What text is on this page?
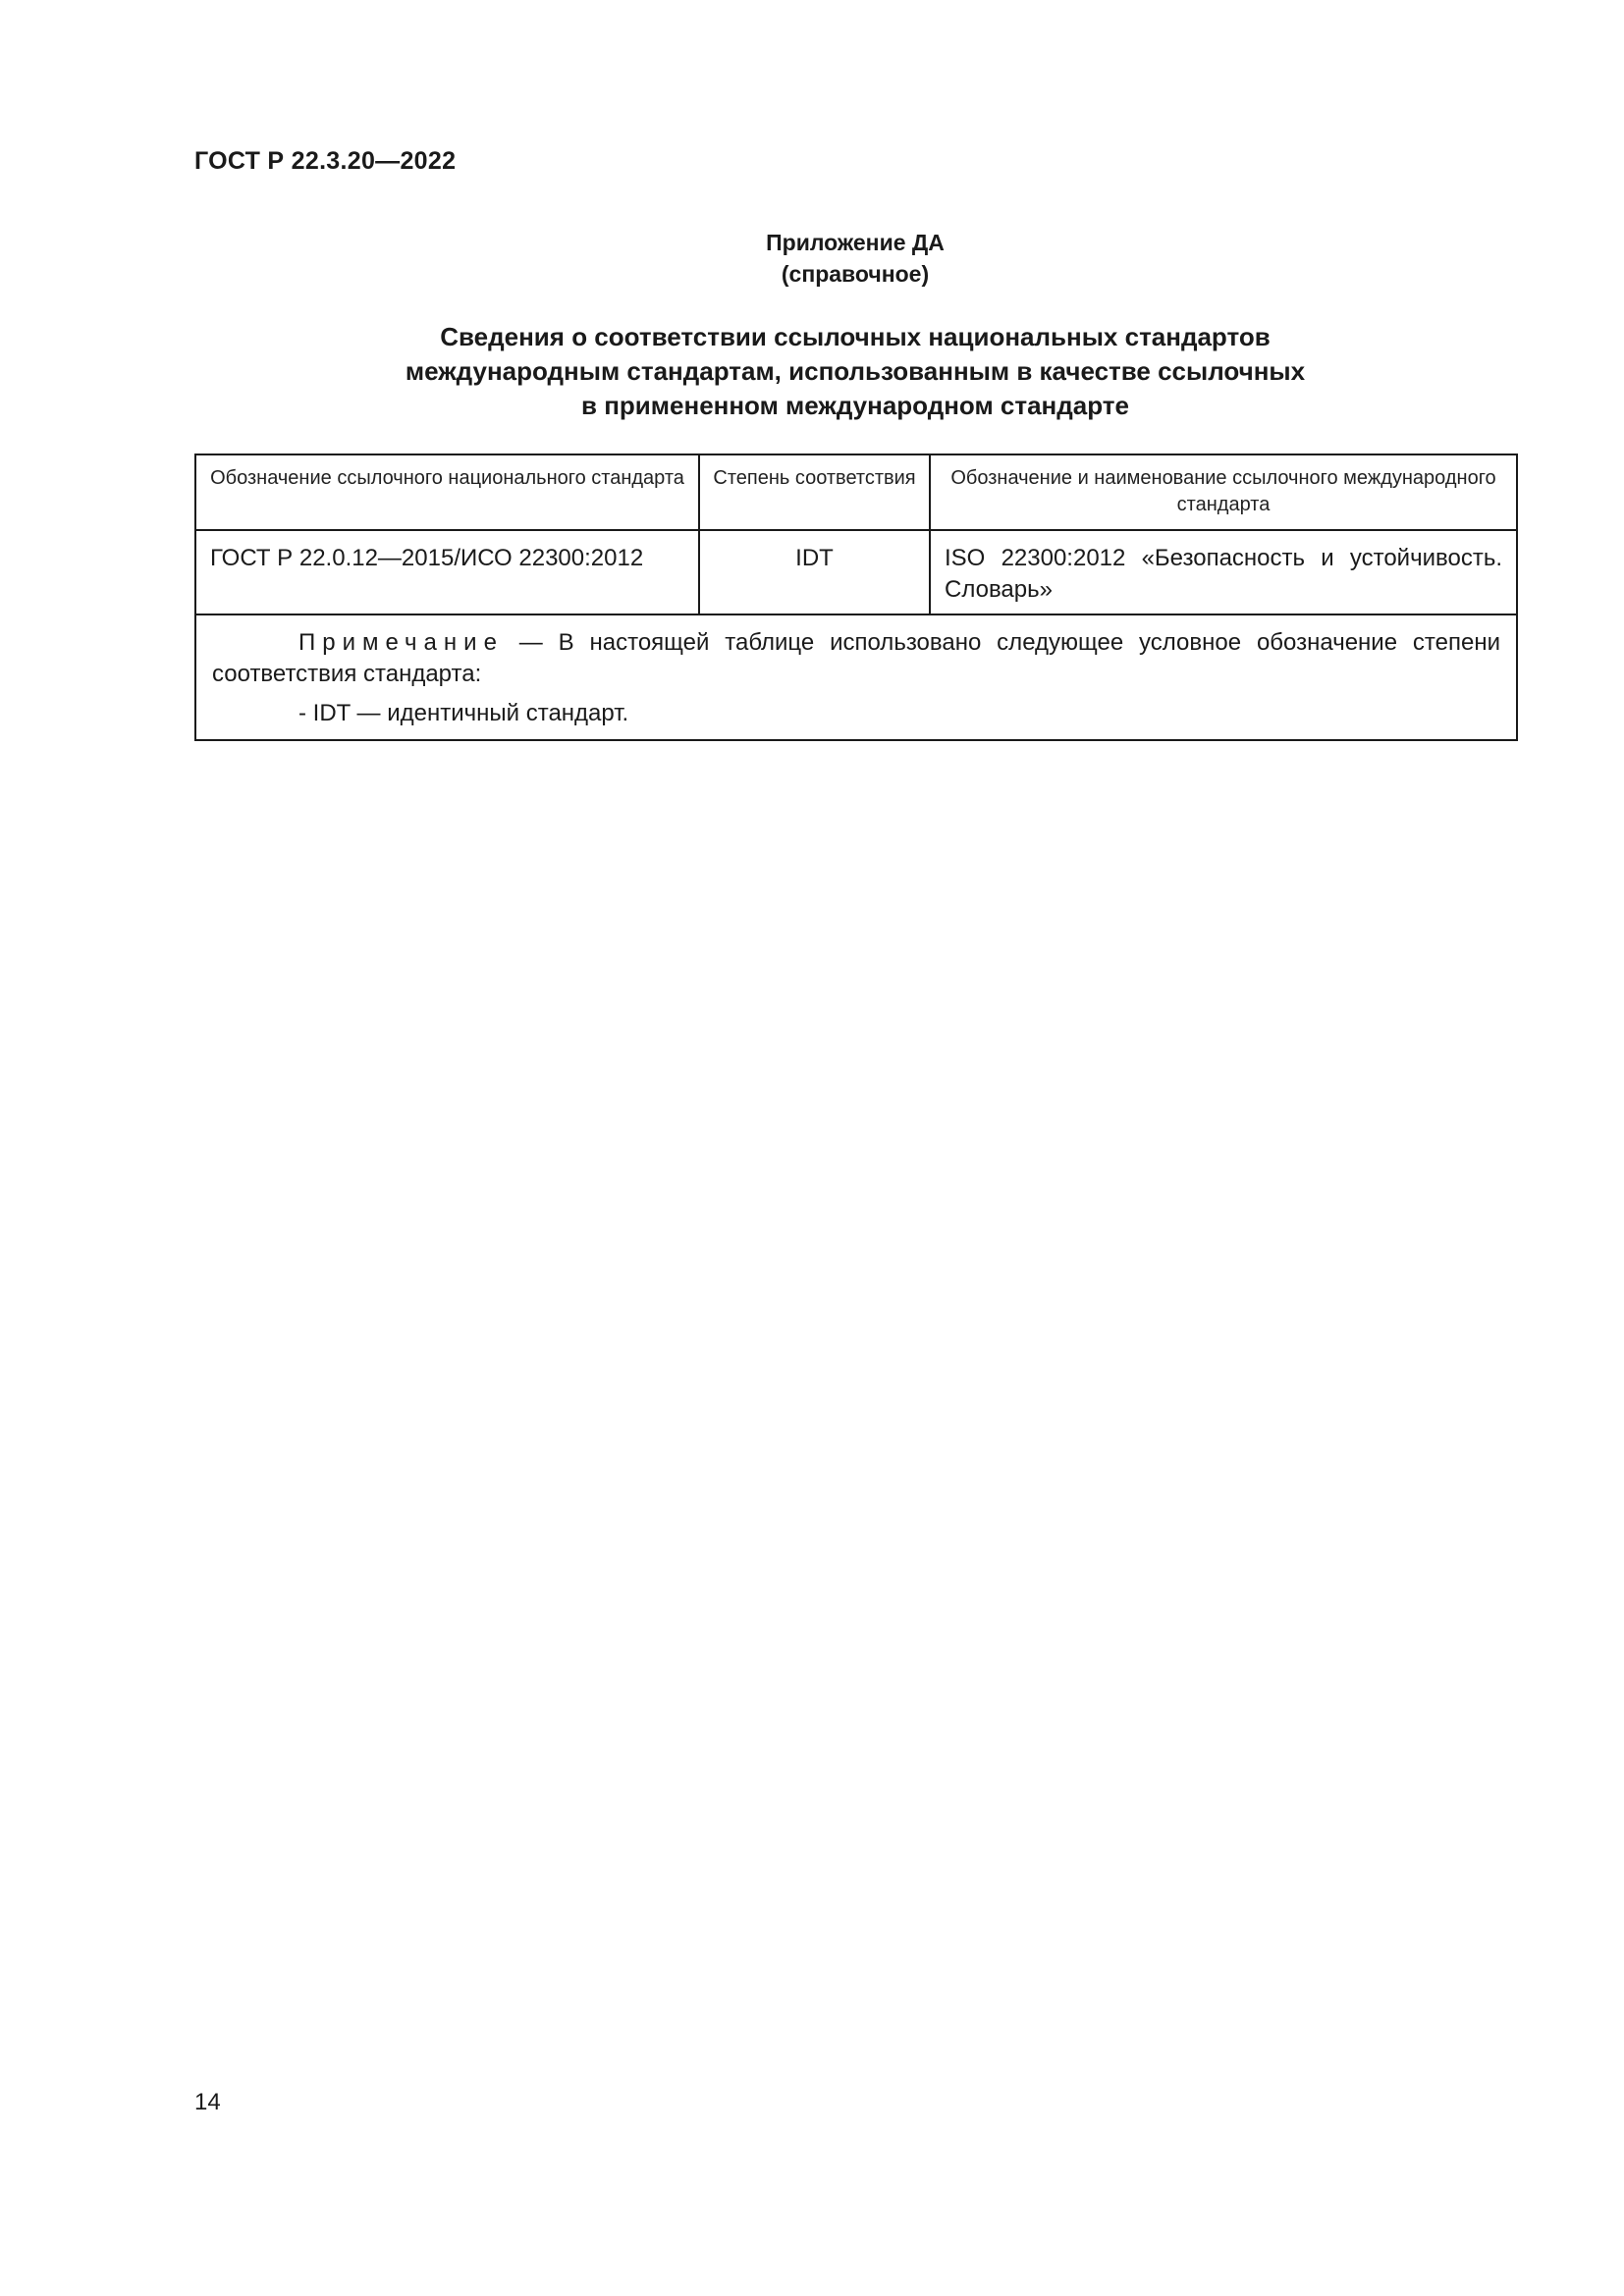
ГОСТ Р 22.3.20—2022
Приложение ДА
(справочное)
Сведения о соответствии ссылочных национальных стандартов
международным стандартам, использованным в качестве ссылочных
в примененном международном стандарте
Обозначение ссылочного национального стандарта	Степень соответствия	Обозначение и наименование ссылочного международного стандарта
ГОСТ Р 22.0.12—2015/ИСО 22300:2012	IDT	ISO 22300:2012 «Безопасность и устойчивость. Словарь»

Примечание — В настоящей таблице использовано следующее условное обозначение степени соответствия стандарта:

- IDT — идентичный стандарт.		
14
